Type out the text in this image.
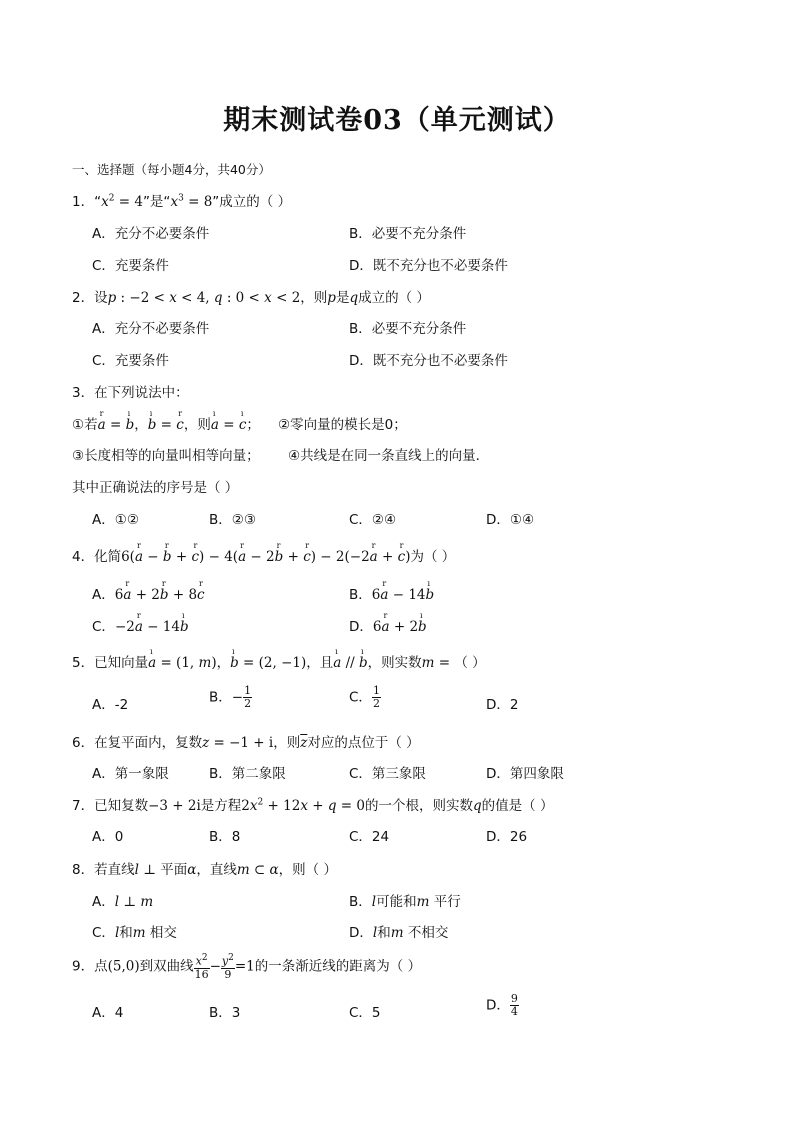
期末测试卷03（单元测试）
一、选择题（每小题4分，共40分）
1．“$x^2 = 4$”是“$x^3 = 8$”成立的（ ）
A．充分不必要条件	B．必要不充分条件
C．充要条件	D．既不充分也不必要条件
2．设p : −2 < x < 4, q : 0 < x < 2，则p是q成立的（ ）
A．充分不必要条件	B．必要不充分条件
C．充要条件	D．既不充分也不必要条件
3．在下列说法中：
①若r a = ı b，ı b = r c，则ı a = ı c； ②零向量的模长是0；
③长度相等的向量叫相等向量； ④共线是在同一条直线上的向量．
其中正确说法的序号是（ ）
A．①②	B．②③	C．②④	D．①④
4．化简6(r a − r b + r c) − 4(r a − 2r b + r c) − 2(−2r a + r c)为（ ）
A．6r a + 2r b + 8r c	B．6r a − 14ı b
C．−2r a − 14ı b	D．6r a + 2ı b
5．已知向量ı a = (1, m)，ı b = (2, −1)，且ı a // ı b，则实数m = （ ）
A．-2	B．− $\frac{1}{2}$	C． $\frac{1}{2}$	D．2
6．在复平面内，复数z = −1 + i，则$\overline{z}$对应的点位于（ ）
A．第一象限	B．第二象限	C．第三象限	D．第四象限
7．已知复数−3 + 2i是方程$2x^2 + 12x + q = 0$的一个根，则实数q的值是（ ）
A．0	B．8	C．24	D．26
8．若直线l ⊥ 平面α，直线m ⊂ α，则（ ）
A．l ⊥ m	B．l可能和m 平行
C．l和m 相交	D．l和m 不相交
9．点(5,0)到双曲线 $\frac{x^2}{16} - \frac{y^2}{9} =1$的一条渐近线的距离为（ ）
A．4	B．3	C．5	D． $\frac{9}{4}$
